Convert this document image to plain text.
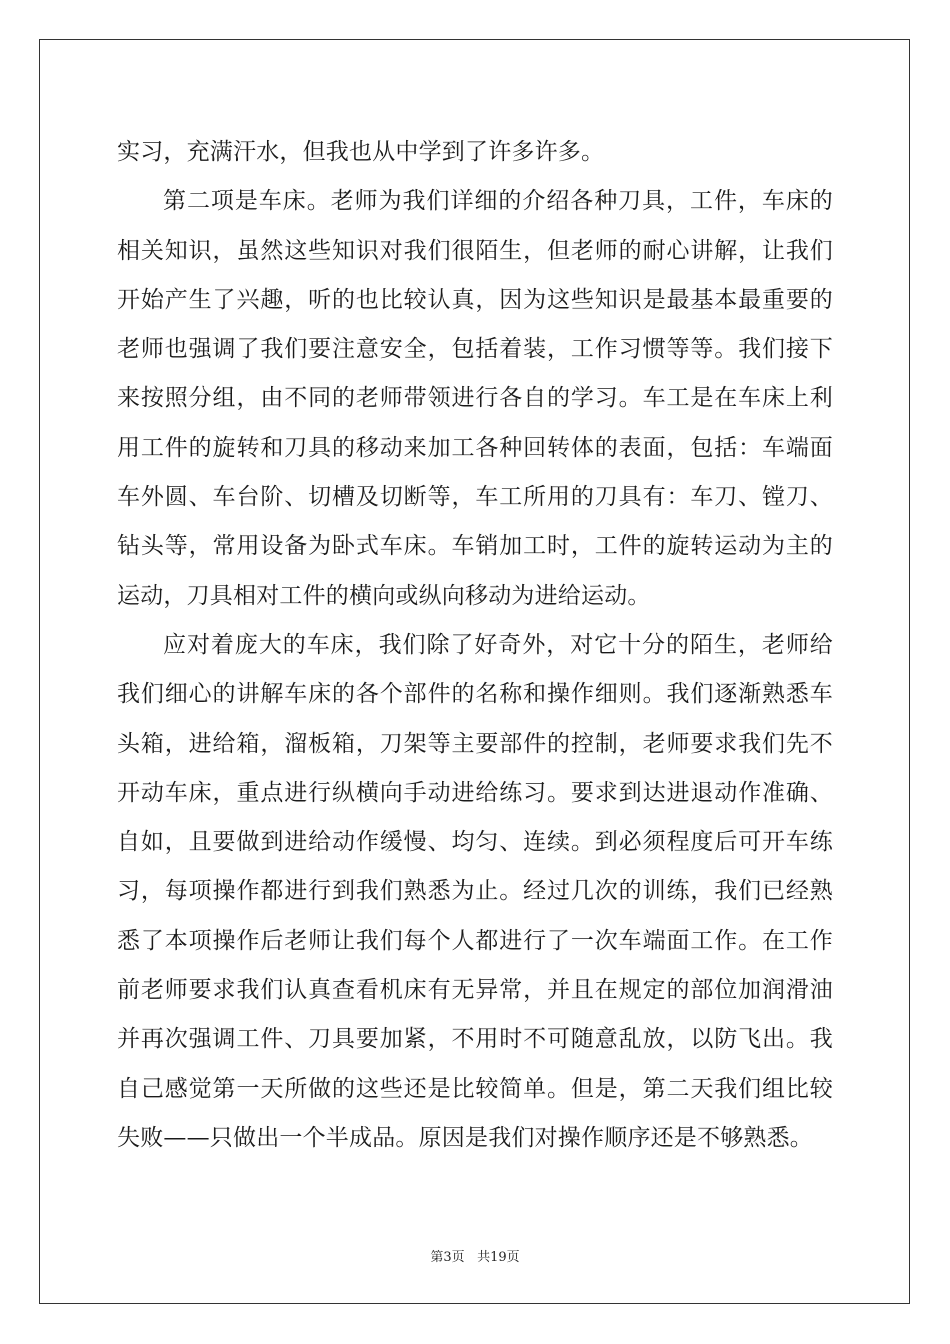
实习，充满汗水，但我也从中学到了许多许多。
第二项是车床。老师为我们详细的介绍各种刀具，工件，车床的
相关知识，虽然这些知识对我们很陌生，但老师的耐心讲解，让我们
开始产生了兴趣，听的也比较认真，因为这些知识是最基本最重要的
老师也强调了我们要注意安全，包括着装，工作习惯等等。我们接下
来按照分组，由不同的老师带领进行各自的学习。车工是在车床上利
用工件的旋转和刀具的移动来加工各种回转体的表面，包括：车端面
车外圆、车台阶、切槽及切断等，车工所用的刀具有：车刀、镗刀、
钻头等，常用设备为卧式车床。车销加工时，工件的旋转运动为主的
运动，刀具相对工件的横向或纵向移动为进给运动。
应对着庞大的车床，我们除了好奇外，对它十分的陌生，老师给
我们细心的讲解车床的各个部件的名称和操作细则。我们逐渐熟悉车
头箱，进给箱，溜板箱，刀架等主要部件的控制，老师要求我们先不
开动车床，重点进行纵横向手动进给练习。要求到达进退动作准确、
自如，且要做到进给动作缓慢、均匀、连续。到必须程度后可开车练
习，每项操作都进行到我们熟悉为止。经过几次的训练，我们已经熟
悉了本项操作后老师让我们每个人都进行了一次车端面工作。在工作
前老师要求我们认真查看机床有无异常，并且在规定的部位加润滑油
并再次强调工件、刀具要加紧，不用时不可随意乱放，以防飞出。我
自己感觉第一天所做的这些还是比较简单。但是，第二天我们组比较
失败——只做出一个半成品。原因是我们对操作顺序还是不够熟悉。
第3页 共19页
